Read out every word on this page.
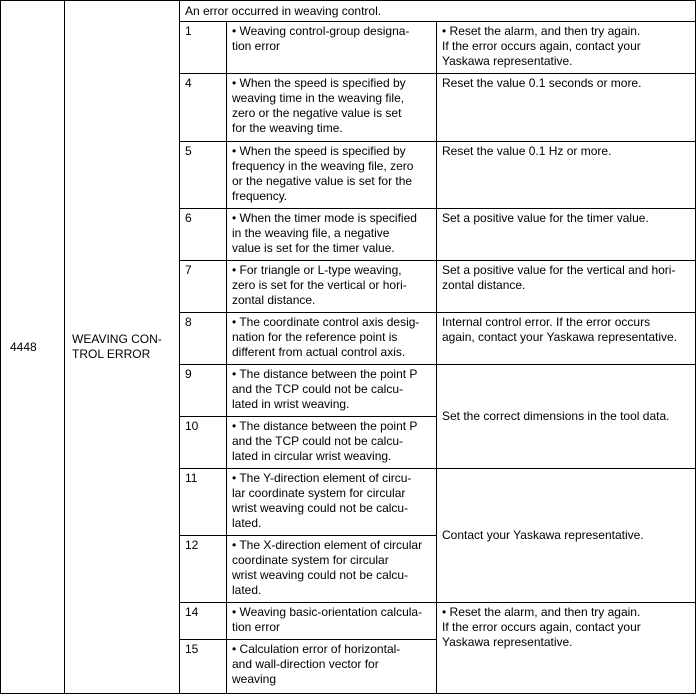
4448	WEAVING CON-
TROL ERROR	An error occurred in weaving control.		
		1	• Weaving control-group designa-
tion error	• Reset the alarm, and then try again.
If the error occurs again, contact your
Yaskawa representative.
		4	• When the speed is specified by
weaving time in the weaving file,
zero or the negative value is set
for the weaving time.	Reset the value 0.1 seconds or more.
		5	• When the speed is specified by
frequency in the weaving file, zero
or the negative value is set for the
frequency.	Reset the value 0.1 Hz or more.
		6	• When the timer mode is specified
in the weaving file, a negative
value is set for the timer value.	Set a positive value for the timer value.
		7	• For triangle or L-type weaving,
zero is set for the vertical or hori-
zontal distance.	Set a positive value for the vertical and hori-
zontal distance.
		8	• The coordinate control axis desig-
nation for the reference point is
different from actual control axis.	Internal control error. If the error occurs
again, contact your Yaskawa representative.
		9	• The distance between the point P
and the TCP could not be calcu-
lated in wrist weaving.	Set the correct dimensions in the tool data.
		10	• The distance between the point P
and the TCP could not be calcu-
lated in circular wrist weaving.	
		11	• The Y-direction element of circu-
lar coordinate system for circular
wrist weaving could not be calcu-
lated.	Contact your Yaskawa representative.
		12	• The X-direction element of circular
coordinate system for circular
wrist weaving could not be calcu-
lated.	
		14	• Weaving basic-orientation calcula-
tion error	• Reset the alarm, and then try again.
If the error occurs again, contact your
Yaskawa representative.
		15	• Calculation error of horizontal-
and wall-direction vector for
weaving	
